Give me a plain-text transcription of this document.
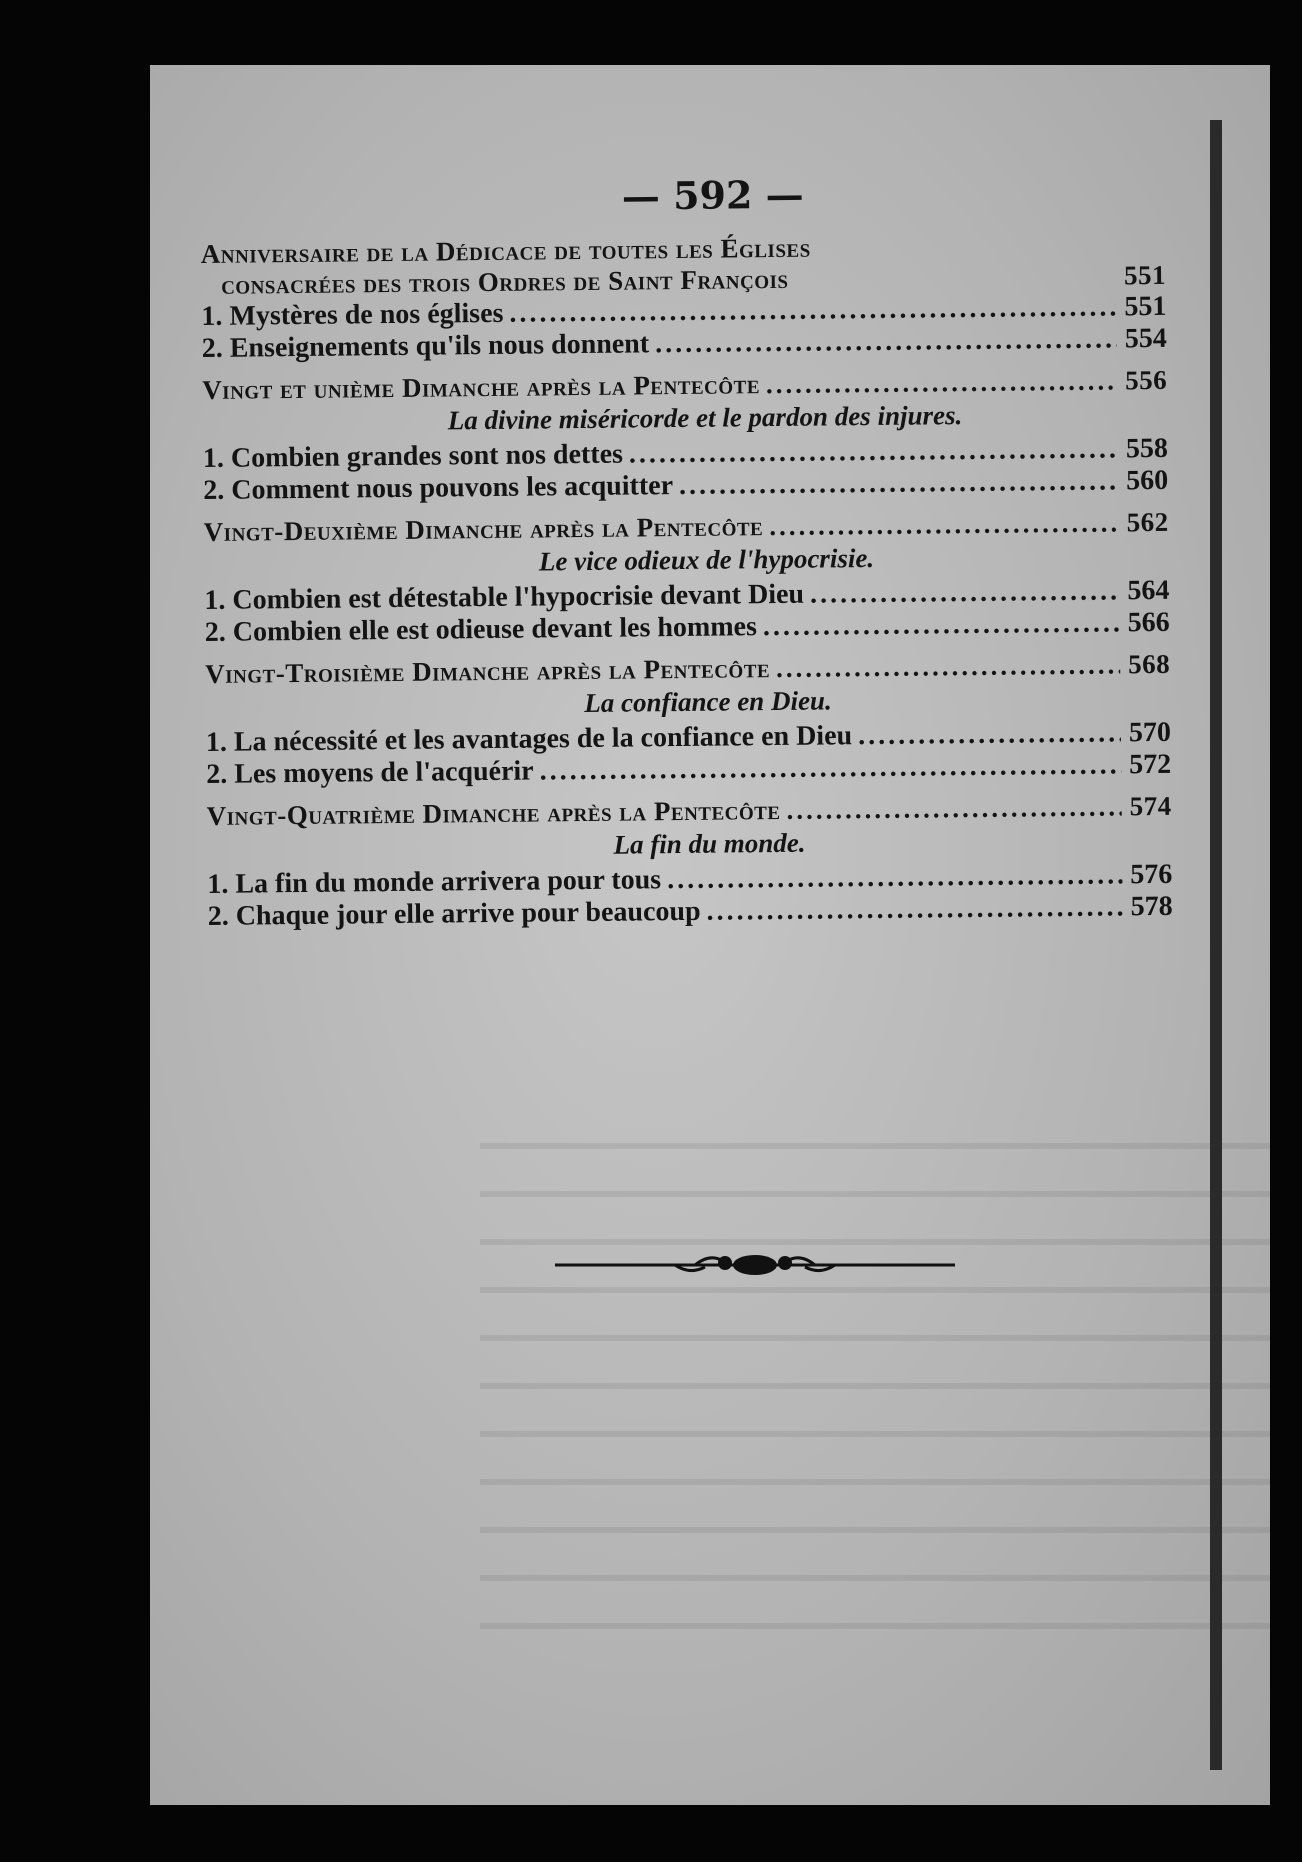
— 592 —
Anniversaire de la Dédicace de toutes les Églises
consacrées des trois Ordres de Saint François	551
1. Mystères de nos églises .....	551
2. Enseignements qu'ils nous donnent .....	554
Vingt et unième Dimanche après la Pentecôte .....	556
La divine miséricorde et le pardon des injures.
1. Combien grandes sont nos dettes .....	558
2. Comment nous pouvons les acquitter .....	560
Vingt-Deuxième Dimanche après la Pentecôte .....	562
Le vice odieux de l'hypocrisie.
1. Combien est détestable l'hypocrisie devant Dieu .....	564
2. Combien elle est odieuse devant les hommes .....	566
Vingt-Troisième Dimanche après la Pentecôte .....	568
La confiance en Dieu.
1. La nécessité et les avantages de la confiance en Dieu .....	570
2. Les moyens de l'acquérir .....	572
Vingt-Quatrième Dimanche après la Pentecôte .....	574
La fin du monde.
1. La fin du monde arrivera pour tous .....	576
2. Chaque jour elle arrive pour beaucoup .....	578
